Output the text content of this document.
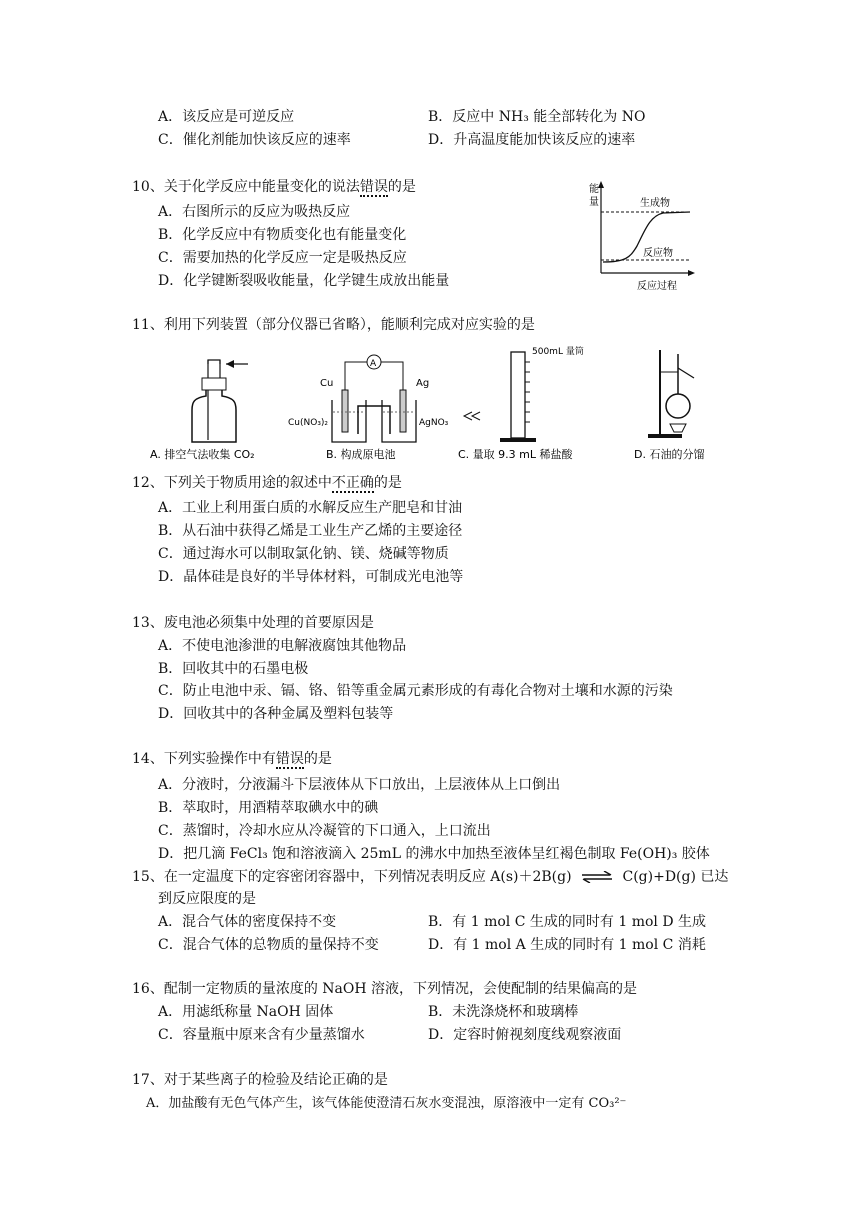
A．该反应是可逆反应	B．反应中 NH₃ 能全部转化为 NO
C．催化剂能加快该反应的速率	D．升高温度能加快该反应的速率
10、关于化学反应中能量变化的说法错误的是
A．右图所示的反应为吸热反应
B．化学反应中有物质变化也有能量变化
C．需要加热的化学反应一定是吸热反应
D．化学键断裂吸收能量，化学键生成放出能量
能
量	生成物
反应物
反应过程
11、利用下列装置（部分仪器已省略），能顺利完成对应实验的是
A. 排空气法收集 CO₂
A
Cu	Ag
Cu(NO₃)₂	AgNO₃
B. 构成原电池
500mL 量筒
C. 量取 9.3 mL 稀盐酸	D. 石油的分馏
12、下列关于物质用途的叙述中不正确的是
A．工业上利用蛋白质的水解反应生产肥皂和甘油
B．从石油中获得乙烯是工业生产乙烯的主要途径
C．通过海水可以制取氯化钠、镁、烧碱等物质
D．晶体硅是良好的半导体材料，可制成光电池等
13、废电池必须集中处理的首要原因是
A．不使电池渗泄的电解液腐蚀其他物品
B．回收其中的石墨电极
C．防止电池中汞、镉、铬、铅等重金属元素形成的有毒化合物对土壤和水源的污染
D．回收其中的各种金属及塑料包装等
14、下列实验操作中有错误的是
A．分液时，分液漏斗下层液体从下口放出，上层液体从上口倒出
B．萃取时，用酒精萃取碘水中的碘
C．蒸馏时，冷却水应从冷凝管的下口通入，上口流出
D．把几滴 FeCl₃ 饱和溶液滴入 25mL 的沸水中加热至液体呈红褐色制取 Fe(OH)₃ 胶体
15、在一定温度下的定容密闭容器中，下列情况表明反应 A(s)＋2B(g) ⇌ C(g)+D(g) 已达
到反应限度的是
A．混合气体的密度保持不变	B．有 1 mol C 生成的同时有 1 mol D 生成
C．混合气体的总物质的量保持不变	D．有 1 mol A 生成的同时有 1 mol C 消耗
16、配制一定物质的量浓度的 NaOH 溶液，下列情况，会使配制的结果偏高的是
A．用滤纸称量 NaOH 固体	B．未洗涤烧杯和玻璃棒
C．容量瓶中原来含有少量蒸馏水	D．定容时俯视刻度线观察液面
17、对于某些离子的检验及结论正确的是
A．加盐酸有无色气体产生，该气体能使澄清石灰水变混浊，原溶液中一定有 CO₃²⁻
